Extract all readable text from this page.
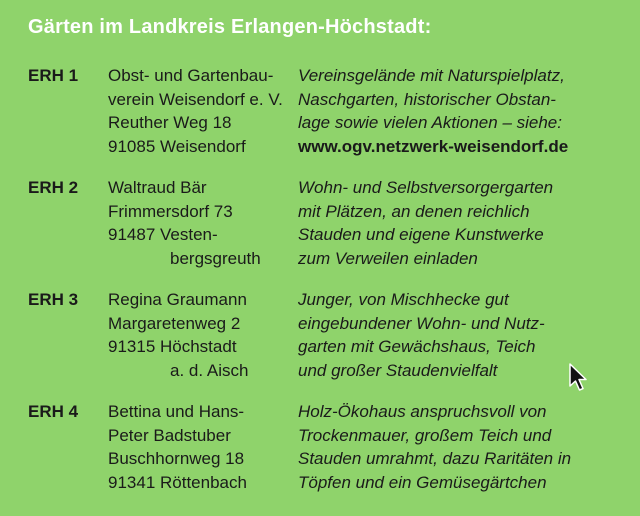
Gärten im Landkreis Erlangen-Höchstadt:
ERH 1 Obst- und Gartenbau-
verein Weisendorf e. V.
Reuther Weg 18
91085 Weisendorf
Vereinsgelände mit Naturspielplatz,
Naschgarten, historischer Obstan-
lage sowie vielen Aktionen – siehe:
www.ogv.netzwerk-weisendorf.de
ERH 2 Waltraud Bär
Frimmersdorf 73
91487 Vesten-
bergsgreuth
Wohn- und Selbstversorgergarten
mit Plätzen, an denen reichlich
Stauden und eigene Kunstwerke
zum Verweilen einladen
ERH 3 Regina Graumann
Margaretenweg 2
91315 Höchstadt
a. d. Aisch
Junger, von Mischhecke gut
eingebundener Wohn- und Nutz-
garten mit Gewächshaus, Teich
und großer Staudenvielfalt
ERH 4 Bettina und Hans-
Peter Badstuber
Buschhornweg 18
91341 Röttenbach
Holz-Ökohaus anspruchsvoll von
Trockenmauer, großem Teich und
Stauden umrahmt, dazu Raritäten in
Töpfen und ein Gemüsegärtchen
